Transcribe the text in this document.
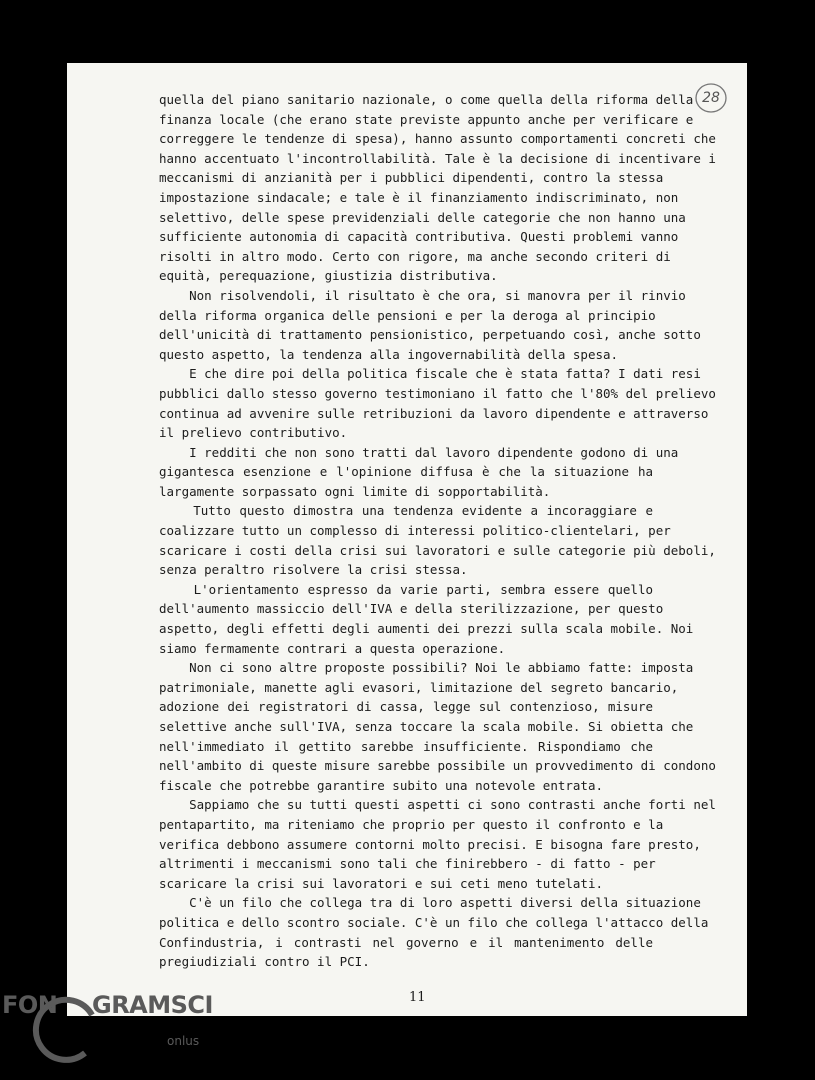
28
quella del piano sanitario nazionale, o come quella della riforma della
finanza locale (che erano state previste appunto anche per verificare e
correggere le tendenze di spesa), hanno assunto comportamenti concreti che
hanno accentuato l'incontrollabilità. Tale è la decisione di incentivare i
meccanismi di anzianità per i pubblici dipendenti, contro la stessa
impostazione sindacale; e tale è il finanziamento indiscriminato, non
selettivo, delle spese previdenziali delle categorie che non hanno una
sufficiente autonomia di capacità contributiva. Questi problemi vanno
risolti in altro modo. Certo con rigore, ma anche secondo criteri di
equità, perequazione, giustizia distributiva.
Non risolvendoli, il risultato è che ora, si manovra per il rinvio
della riforma organica delle pensioni e per la deroga al principio
dell'unicità di trattamento pensionistico, perpetuando così, anche sotto
questo aspetto, la tendenza alla ingovernabilità della spesa.
E che dire poi della politica fiscale che è stata fatta? I dati resi
pubblici dallo stesso governo testimoniano il fatto che l'80% del prelievo
continua ad avvenire sulle retribuzioni da lavoro dipendente e attraverso
il prelievo contributivo.
I redditi che non sono tratti dal lavoro dipendente godono di una
gigantesca esenzione e l'opinione diffusa è che la situazione ha
largamente sorpassato ogni limite di sopportabilità.
Tutto questo dimostra una tendenza evidente a incoraggiare e
coalizzare tutto un complesso di interessi politico-clientelari, per
scaricare i costi della crisi sui lavoratori e sulle categorie più deboli,
senza peraltro risolvere la crisi stessa.
L'orientamento espresso da varie parti, sembra essere quello
dell'aumento massiccio dell'IVA e della sterilizzazione, per questo
aspetto, degli effetti degli aumenti dei prezzi sulla scala mobile. Noi
siamo fermamente contrari a questa operazione.
Non ci sono altre proposte possibili? Noi le abbiamo fatte: imposta
patrimoniale, manette agli evasori, limitazione del segreto bancario,
adozione dei registratori di cassa, legge sul contenzioso, misure
selettive anche sull'IVA, senza toccare la scala mobile. Si obietta che
nell'immediato il gettito sarebbe insufficiente. Rispondiamo che
nell'ambito di queste misure sarebbe possibile un provvedimento di condono
fiscale che potrebbe garantire subito una notevole entrata.
Sappiamo che su tutti questi aspetti ci sono contrasti anche forti nel
pentapartito, ma riteniamo che proprio per questo il confronto e la
verifica debbono assumere contorni molto precisi. E bisogna fare presto,
altrimenti i meccanismi sono tali che finirebbero - di fatto - per
scaricare la crisi sui lavoratori e sui ceti meno tutelati.
C'è un filo che collega tra di loro aspetti diversi della situazione
politica e dello scontro sociale. C'è un filo che collega l'attacco della
Confindustria, i contrasti nel governo e il mantenimento delle
pregiudiziali contro il PCI.
11
FON GRAMSCI
onlus
